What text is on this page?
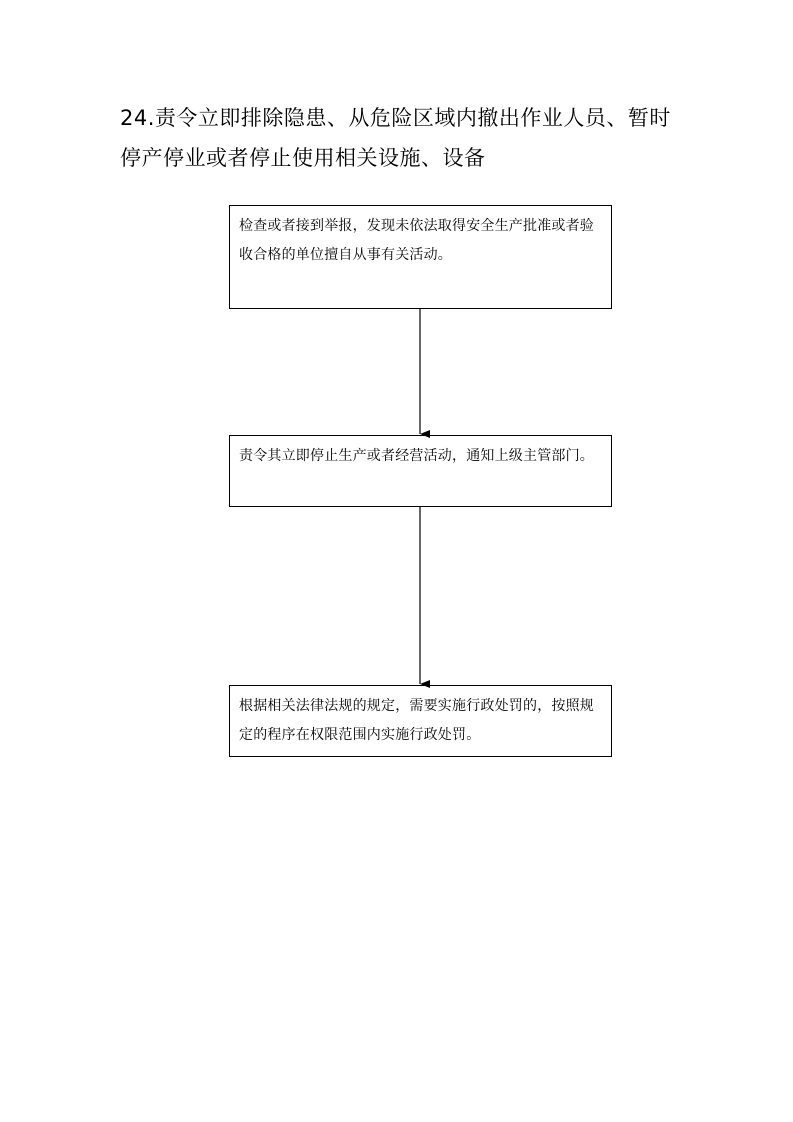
24.责令立即排除隐患、从危险区域内撤出作业人员、暂时停产停业或者停止使用相关设施、设备
检查或者接到举报，发现未依法取得安全生产批准或者验收合格的单位擅自从事有关活动。
责令其立即停止生产或者经营活动，通知上级主管部门。
根据相关法律法规的规定，需要实施行政处罚的，按照规定的程序在权限范围内实施行政处罚。
